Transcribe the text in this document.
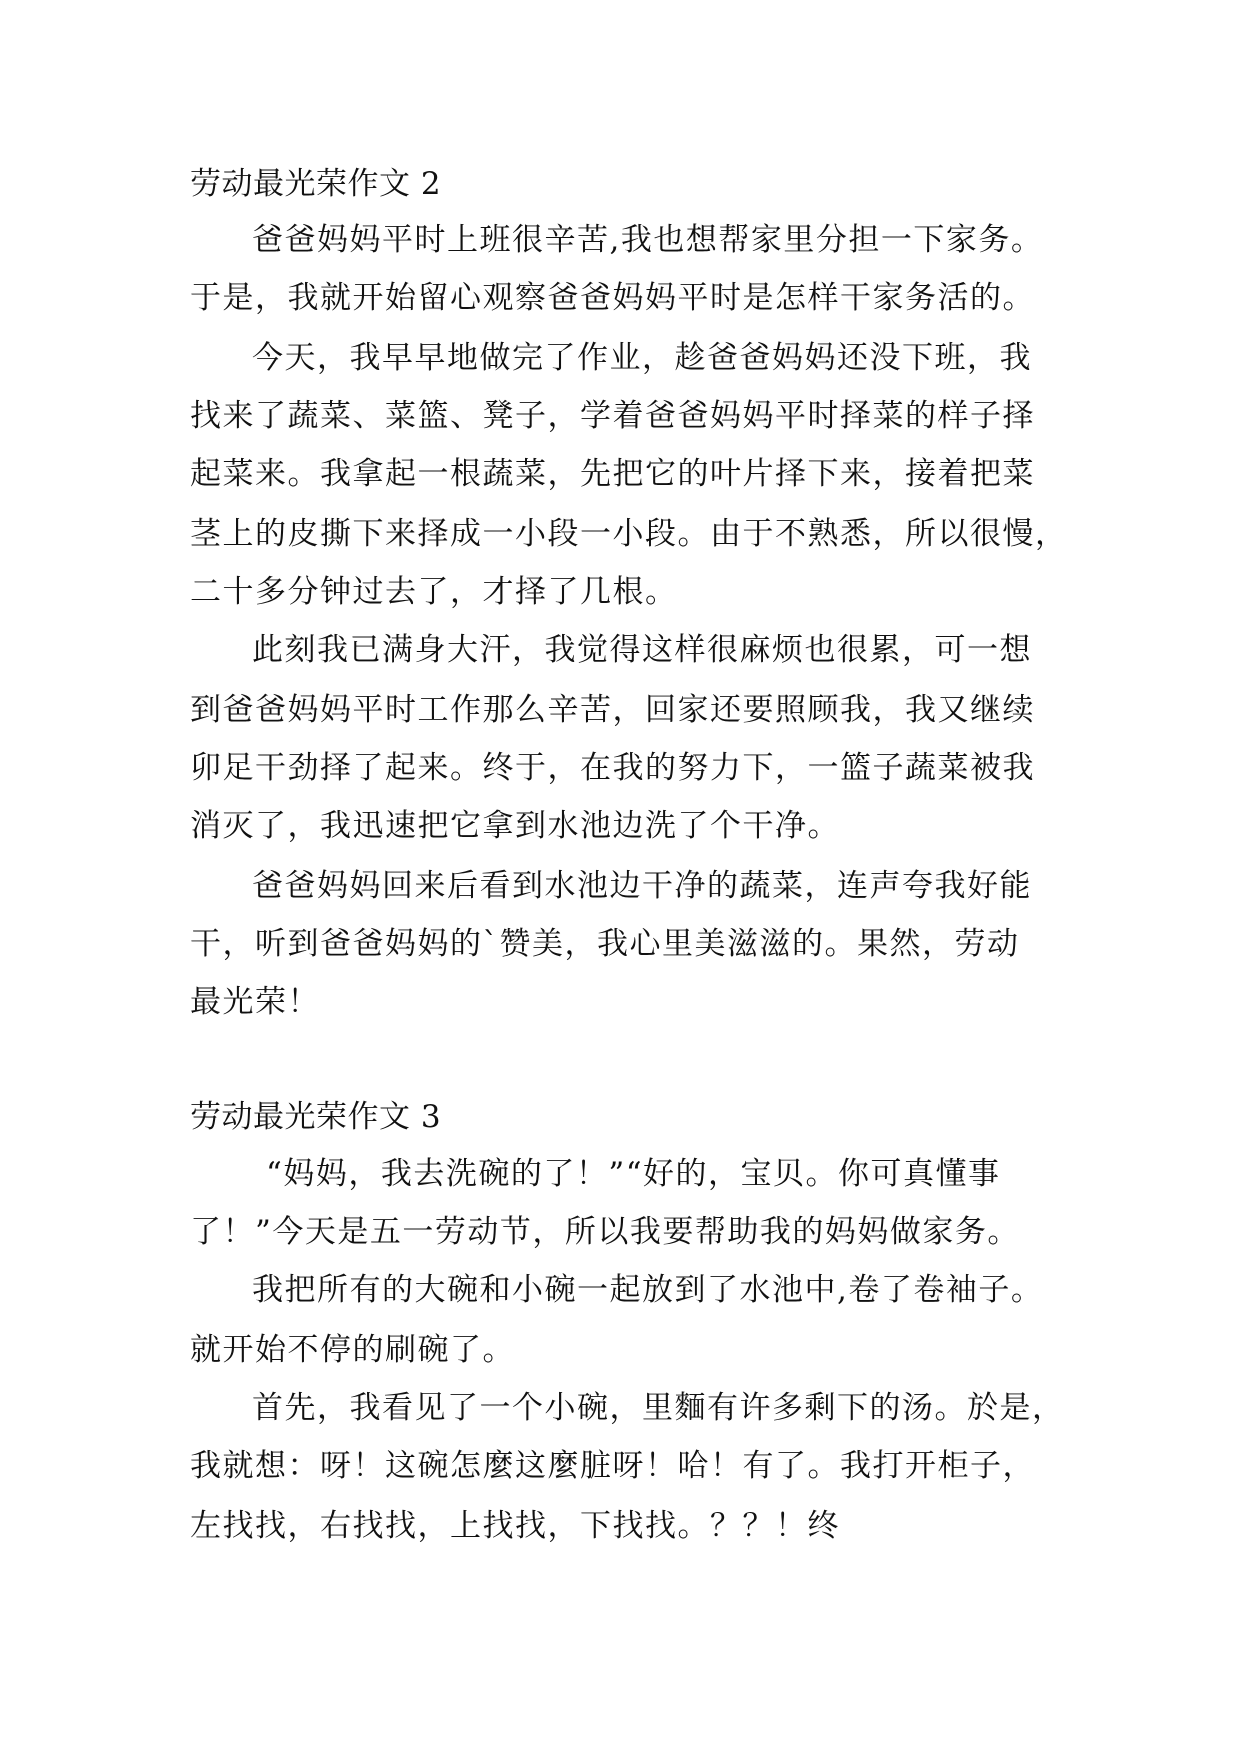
劳动最光荣作文 2
爸爸妈妈平时上班很辛苦,我也想帮家里分担一下家务。
于是，我就开始留心观察爸爸妈妈平时是怎样干家务活的。
今天，我早早地做完了作业，趁爸爸妈妈还没下班，我
找来了蔬菜、菜篮、凳子，学着爸爸妈妈平时择菜的样子择
起菜来。我拿起一根蔬菜，先把它的叶片择下来，接着把菜
茎上的皮撕下来择成一小段一小段。由于不熟悉，所以很慢，
二十多分钟过去了，才择了几根。
此刻我已满身大汗，我觉得这样很麻烦也很累，可一想
到爸爸妈妈平时工作那么辛苦，回家还要照顾我，我又继续
卯足干劲择了起来。终于，在我的努力下，一篮子蔬菜被我
消灭了，我迅速把它拿到水池边洗了个干净。
爸爸妈妈回来后看到水池边干净的蔬菜，连声夸我好能
干，听到爸爸妈妈的`赞美，我心里美滋滋的。果然，劳动
最光荣！
劳动最光荣作文 3
“妈妈，我去洗碗的了！”“好的，宝贝。你可真懂事
了！”今天是五一劳动节，所以我要帮助我的妈妈做家务。
我把所有的大碗和小碗一起放到了水池中,卷了卷袖子。
就开始不停的刷碗了。
首先，我看见了一个小碗，里麵有许多剩下的汤。於是，
我就想：呀！这碗怎麼这麼脏呀！哈！有了。我打开柜子，
左找找，右找找，上找找，下找找。？？！终
